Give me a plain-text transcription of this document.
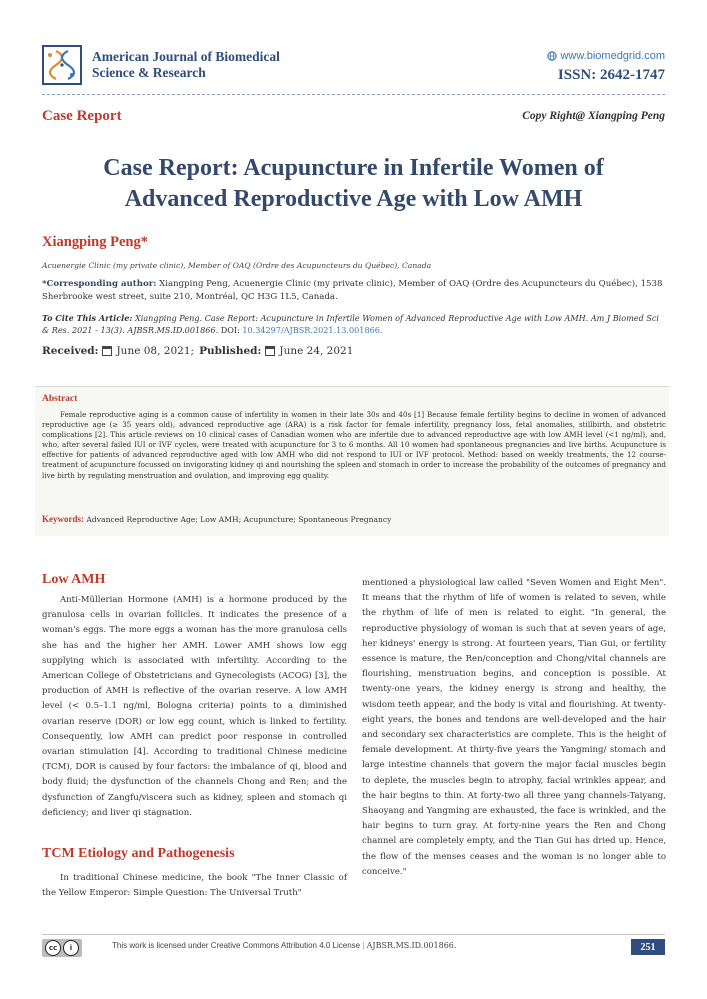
American Journal of Biomedical Science & Research
www.biomedgrid.com
ISSN: 2642-1747
Case Report	Copy Right@ Xiangping Peng
Case Report: Acupuncture in Infertile Women of Advanced Reproductive Age with Low AMH
Xiangping Peng*
Acuenergie Clinic (my private clinic), Member of OAQ (Ordre des Acupuncteurs du Québec), Canada
*Corresponding author: Xiangping Peng, Acuenergie Clinic (my private clinic), Member of OAQ (Ordre des Acupuncteurs du Québec), 1538 Sherbrooke west street, suite 210, Montréal, QC H3G 1L5, Canada.
To Cite This Article: Xiangping Peng. Case Report: Acupuncture in Infertile Women of Advanced Reproductive Age with Low AMH. Am J Biomed Sci & Res. 2021 - 13(3). AJBSR.MS.ID.001866. DOI: 10.34297/AJBSR.2021.13.001866.
Received: June 08, 2021; Published: June 24, 2021
Abstract
Female reproductive aging is a common cause of infertility in women in their late 30s and 40s [1] Because female fertility begins to decline in women of advanced reproductive age (≥ 35 years old), advanced reproductive age (ARA) is a risk factor for female infertility, pregnancy loss, fetal anomalies, stillbirth, and obstetric complications [2]. This article reviews on 10 clinical cases of Canadian women who are infertile due to advanced reproductive age with low AMH level (<1 ng/ml), and, who, after several failed IUI or IVF cycles, were treated with acupuncture for 3 to 6 months. All 10 women had spontaneous pregnancies and live births. Acupuncture is effective for patients of advanced reproductive aged with low AMH who did not respond to IUI or IVF protocol. Method: based on weekly treatments, the 12 course-treatment of acupuncture focussed on invigorating kidney qi and nourishing the spleen and stomach in order to increase the probability of the outcomes of pregnancy and live birth by regulating menstruation and ovulation, and improving egg quality.
Keywords: Advanced Reproductive Age; Low AMH; Acupuncture; Spontaneous Pregnancy
Low AMH

Anti-Müllerian Hormone (AMH) is a hormone produced by the granulosa cells in ovarian follicles. It indicates the presence of a woman's eggs. The more eggs a woman has the more granulosa cells she has and the higher her AMH. Lower AMH shows low egg supplying which is associated with infertility. According to the American College of Obstetricians and Gynecologists (ACOG) [3], the production of AMH is reflective of the ovarian reserve. A low AMH level (< 0.5–1.1 ng/ml, Bologna criteria) points to a diminished ovarian reserve (DOR) or low egg count, which is linked to fertility. Consequently, low AMH can predict poor response in controlled ovarian stimulation [4]. According to traditional Chinese medicine (TCM), DOR is caused by four factors: the imbalance of qi, blood and body fluid; the dysfunction of the channels Chong and Ren; and the dysfunction of Zangfu/viscera such as kidney, spleen and stomach qi deficiency; and liver qi stagnation.

TCM Etiology and Pathogenesis

In traditional Chinese medicine, the book "The Inner Classic of the Yellow Emperor: Simple Question: The Universal Truth"

mentioned a physiological law called "Seven Women and Eight Men". It means that the rhythm of life of women is related to seven, while the rhythm of life of men is related to eight. "In general, the reproductive physiology of woman is such that at seven years of age, her kidneys' energy is strong. At fourteen years, Tian Gui, or fertility essence is mature, the Ren/conception and Chong/vital channels are flourishing, menstruation begins, and conception is possible. At twenty-one years, the kidney energy is strong and healthy, the wisdom teeth appear, and the body is vital and flourishing. At twenty-eight years, the bones and tendons are well-developed and the hair and secondary sex characteristics are complete. This is the height of female development. At thirty-five years the Yangming/ stomach and large intestine channels that govern the major facial muscles begin to deplete, the muscles begin to atrophy, facial wrinkles appear, and the hair begins to thin. At forty-two all three yang channels-Taiyang, Shaoyang and Yangming are exhausted, the face is wrinkled, and the hair begins to turn gray. At forty-nine years the Ren and Chong channel are completely empty, and the Tian Gui has dried up. Hence, the flow of the menses ceases and the woman is no longer able to conceive."

cc	i	This work is licensed under Creative Commons Attribution 4.0 License | AJBSR.MS.ID.001866.	251
